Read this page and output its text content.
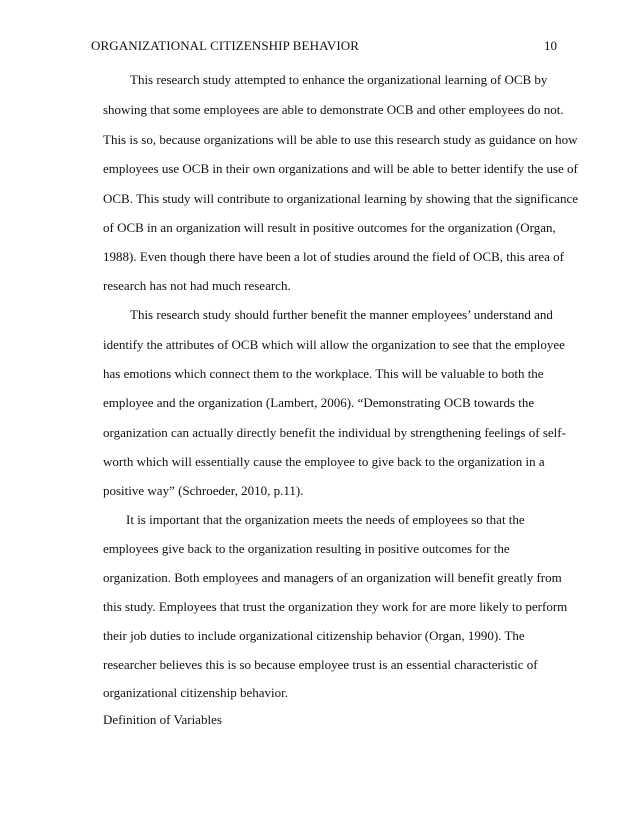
ORGANIZATIONAL CITIZENSHIP BEHAVIOR	10
This research study attempted to enhance the organizational learning of OCB by
showing that some employees are able to demonstrate OCB and other employees do not.
This is so, because organizations will be able to use this research study as guidance on how
employees use OCB in their own organizations and will be able to better identify the use of
OCB. This study will contribute to organizational learning by showing that the significance
of OCB in an organization will result in positive outcomes for the organization (Organ,
1988). Even though there have been a lot of studies around the field of OCB, this area of
research has not had much research.
This research study should further benefit the manner employees’ understand and
identify the attributes of OCB which will allow the organization to see that the employee
has emotions which connect them to the workplace. This will be valuable to both the
employee and the organization (Lambert, 2006). “Demonstrating OCB towards the
organization can actually directly benefit the individual by strengthening feelings of self-
worth which will essentially cause the employee to give back to the organization in a
positive way” (Schroeder, 2010, p.11).
It is important that the organization meets the needs of employees so that the
employees give back to the organization resulting in positive outcomes for the
organization. Both employees and managers of an organization will benefit greatly from
this study. Employees that trust the organization they work for are more likely to perform
their job duties to include organizational citizenship behavior (Organ, 1990). The
researcher believes this is so because employee trust is an essential characteristic of
organizational citizenship behavior.
Definition of Variables
